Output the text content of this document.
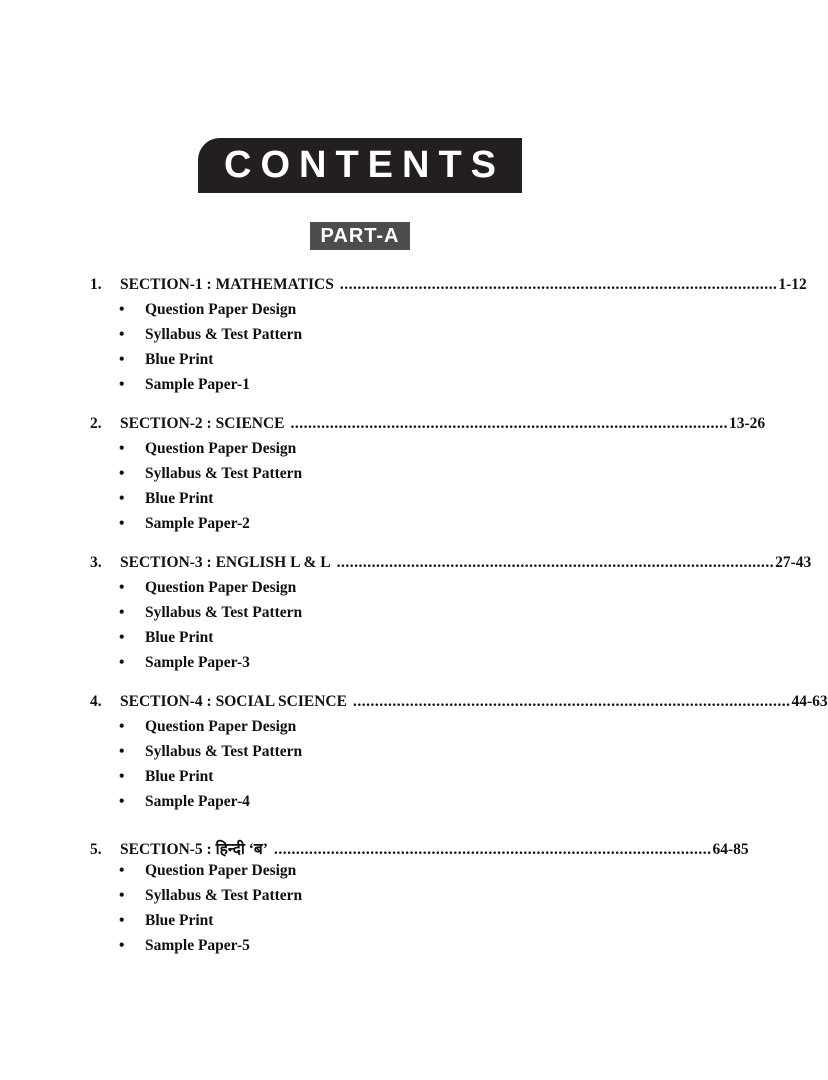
CONTENTS
PART-A
1.	SECTION-1 : MATHEMATICS .................................................................................................... 1-12
•	Question Paper Design
•	Syllabus & Test Pattern
•	Blue Print
•	Sample Paper-1
2.	SECTION-2 : SCIENCE .................................................................................................... 13-26
•	Question Paper Design
•	Syllabus & Test Pattern
•	Blue Print
•	Sample Paper-2
3.	SECTION-3 : ENGLISH L & L .................................................................................................... 27-43
•	Question Paper Design
•	Syllabus & Test Pattern
•	Blue Print
•	Sample Paper-3
4.	SECTION-4 : SOCIAL SCIENCE .................................................................................................... 44-63
•	Question Paper Design
•	Syllabus & Test Pattern
•	Blue Print
•	Sample Paper-4
5.	SECTION-5 : हिन्दी ‘ब’ .................................................................................................... 64-85
•	Question Paper Design
•	Syllabus & Test Pattern
•	Blue Print
•	Sample Paper-5
